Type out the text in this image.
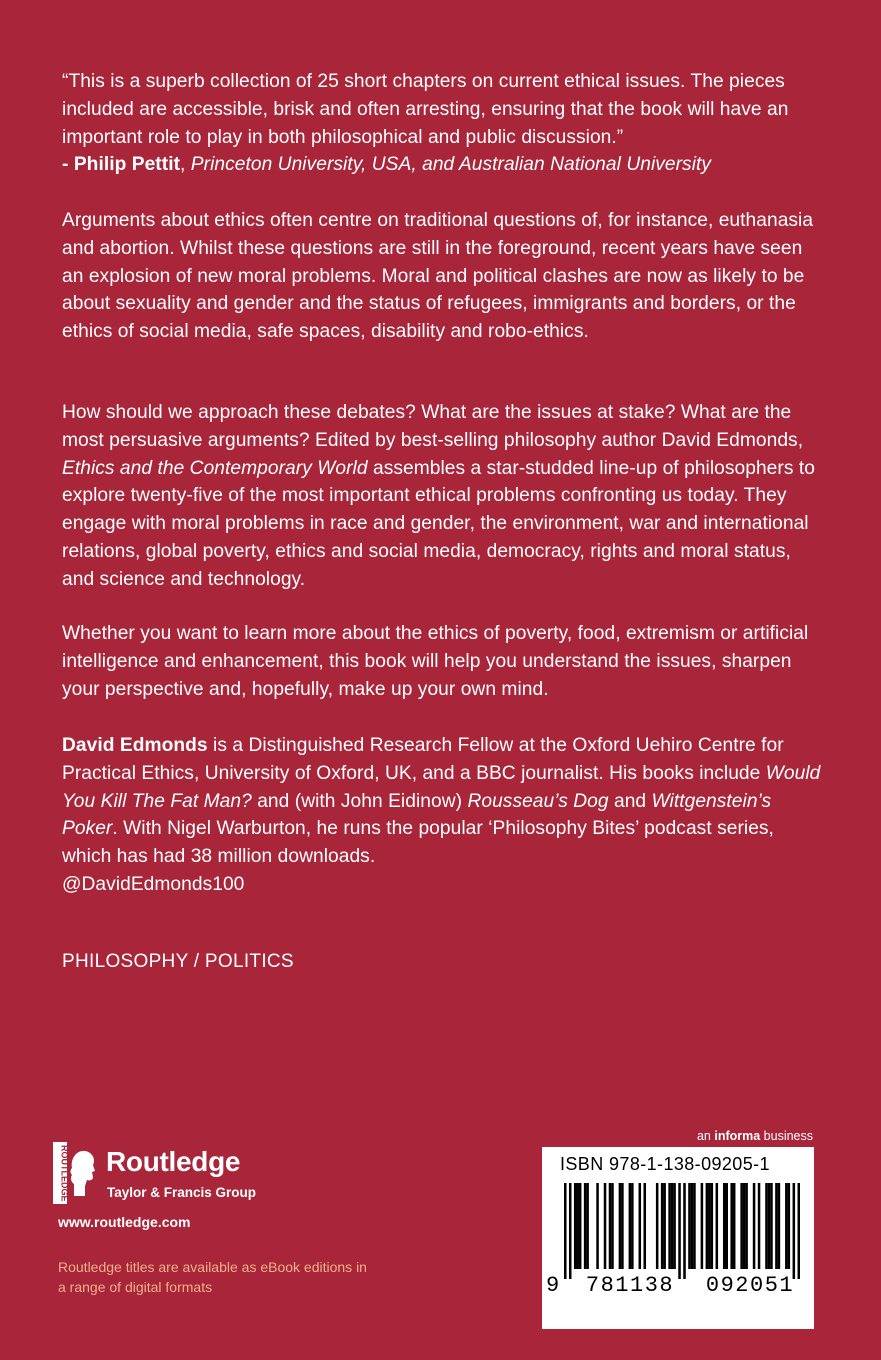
“This is a superb collection of 25 short chapters on current ethical issues. The pieces included are accessible, brisk and often arresting, ensuring that the book will have an important role to play in both philosophical and public discussion.”
- Philip Pettit, Princeton University, USA, and Australian National University

Arguments about ethics often centre on traditional questions of, for instance, euthanasia and abortion. Whilst these questions are still in the foreground, recent years have seen an explosion of new moral problems. Moral and political clashes are now as likely to be about sexuality and gender and the status of refugees, immigrants and borders, or the ethics of social media, safe spaces, disability and robo-ethics.

How should we approach these debates? What are the issues at stake? What are the most persuasive arguments? Edited by best-selling philosophy author David Edmonds, Ethics and the Contemporary World assembles a star-studded line-up of philosophers to explore twenty-five of the most important ethical problems confronting us today. They engage with moral problems in race and gender, the environment, war and international relations, global poverty, ethics and social media, democracy, rights and moral status, and science and technology.

Whether you want to learn more about the ethics of poverty, food, extremism or artificial intelligence and enhancement, this book will help you understand the issues, sharpen your perspective and, hopefully, make up your own mind.

David Edmonds is a Distinguished Research Fellow at the Oxford Uehiro Centre for Practical Ethics, University of Oxford, UK, and a BBC journalist. His books include Would You Kill The Fat Man? and (with John Eidinow) Rousseau’s Dog and Wittgenstein’s Poker. With Nigel Warburton, he runs the popular ‘Philosophy Bites’ podcast series, which has had 38 million downloads.
@DavidEdmonds100

PHILOSOPHY / POLITICS
ROUTLEDGE Routledge
Taylor & Francis Group
www.routledge.com
Routledge titles are available as eBook editions in a range of digital formats
an informa business
ISBN 978-1-138-09205-1
9	781138	092051
